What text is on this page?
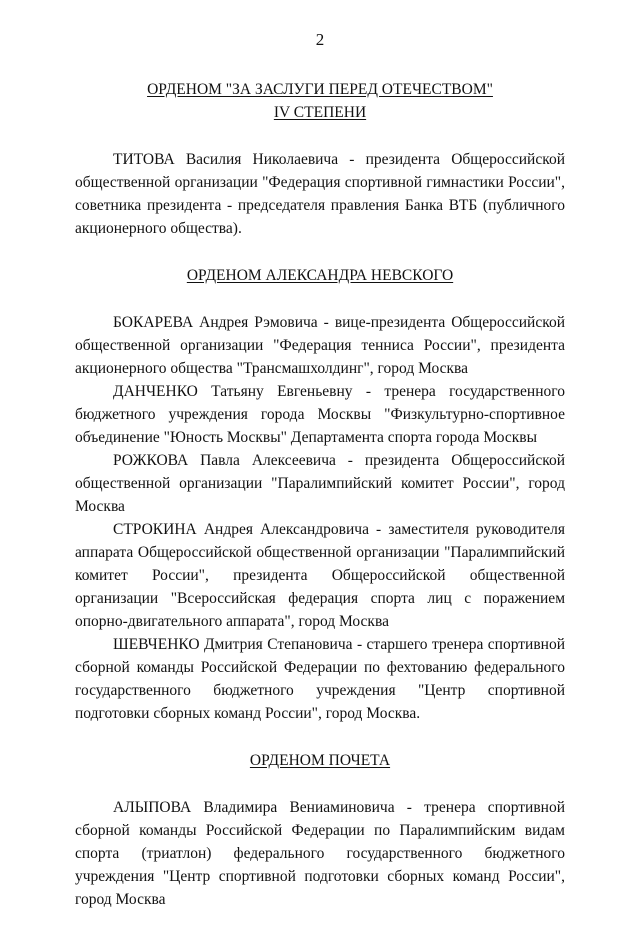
2

ОРДЕНОМ "ЗА ЗАСЛУГИ ПЕРЕД ОТЕЧЕСТВОМ"

IV СТЕПЕНИ

ТИТОВА Василия Николаевича - президента Общероссийской общественной организации "Федерация спортивной гимнастики России", советника президента - председателя правления Банка ВТБ (публичного акционерного общества).

ОРДЕНОМ АЛЕКСАНДРА НЕВСКОГО

БОКАРЕВА Андрея Рэмовича - вице-президента Общероссийской общественной организации "Федерация тенниса России", президента акционерного общества "Трансмашхолдинг", город Москва

ДАНЧЕНКО Татьяну Евгеньевну - тренера государственного бюджетного учреждения города Москвы "Физкультурно-спортивное объединение "Юность Москвы" Департамента спорта города Москвы

РОЖКОВА Павла Алексеевича - президента Общероссийской общественной организации "Паралимпийский комитет России", город Москва

СТРОКИНА Андрея Александровича - заместителя руководителя аппарата Общероссийской общественной организации "Паралимпийский комитет России", президента Общероссийской общественной организации "Всероссийская федерация спорта лиц с поражением опорно-двигательного аппарата", город Москва

ШЕВЧЕНКО Дмитрия Степановича - старшего тренера спортивной сборной команды Российской Федерации по фехтованию федерального государственного бюджетного учреждения "Центр спортивной подготовки сборных команд России", город Москва.

ОРДЕНОМ ПОЧЕТА

АЛЫПОВА Владимира Вениаминовича - тренера спортивной сборной команды Российской Федерации по Паралимпийским видам спорта (триатлон) федерального государственного бюджетного учреждения "Центр спортивной подготовки сборных команд России", город Москва
